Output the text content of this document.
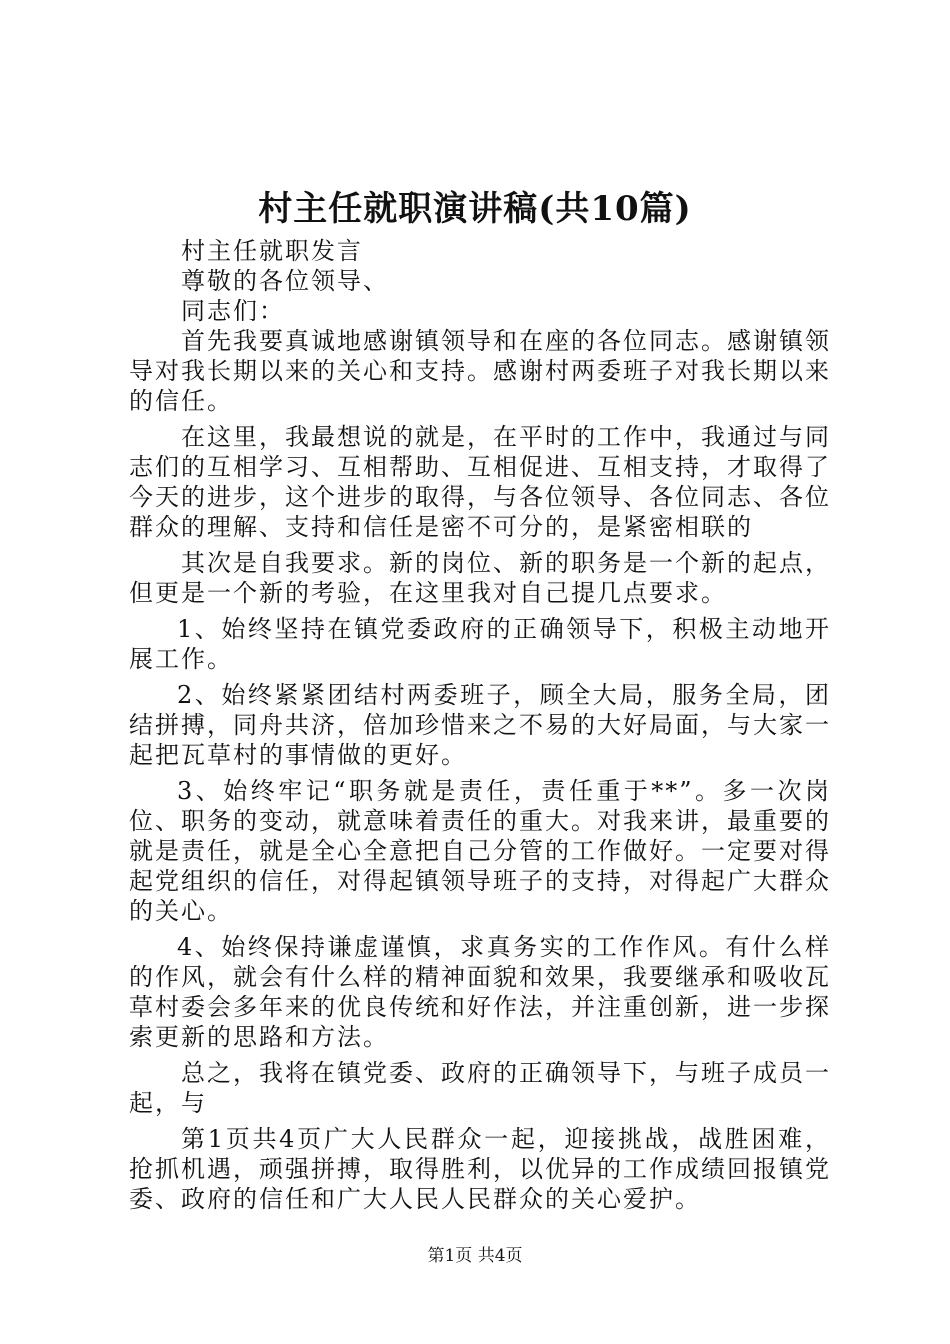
村主任就职演讲稿(共10篇)

村主任就职发言

尊敬的各位领导、

同志们：

首先我要真诚地感谢镇领导和在座的各位同志。感谢镇领导对我长期以来的关心和支持。感谢村两委班子对我长期以来的信任。

在这里，我最想说的就是，在平时的工作中，我通过与同志们的互相学习、互相帮助、互相促进、互相支持，才取得了今天的进步，这个进步的取得，与各位领导、各位同志、各位群众的理解、支持和信任是密不可分的，是紧密相联的

其次是自我要求。新的岗位、新的职务是一个新的起点，但更是一个新的考验，在这里我对自己提几点要求。

1、始终坚持在镇党委政府的正确领导下，积极主动地开展工作。

2、始终紧紧团结村两委班子，顾全大局，服务全局，团结拼搏，同舟共济，倍加珍惜来之不易的大好局面，与大家一起把瓦草村的事情做的更好。

3、始终牢记“职务就是责任，责任重于**”。多一次岗位、职务的变动，就意味着责任的重大。对我来讲，最重要的就是责任，就是全心全意把自己分管的工作做好。一定要对得起党组织的信任，对得起镇领导班子的支持，对得起广大群众的关心。

4、始终保持谦虚谨慎，求真务实的工作作风。有什么样的作风，就会有什么样的精神面貌和效果，我要继承和吸收瓦草村委会多年来的优良传统和好作法，并注重创新，进一步探索更新的思路和方法。

总之，我将在镇党委、政府的正确领导下，与班子成员一起，与

第1页共4页广大人民群众一起，迎接挑战，战胜困难，抢抓机遇，顽强拼搏，取得胜利，以优异的工作成绩回报镇党委、政府的信任和广大人民人民群众的关心爱护。

第1页 共4页
